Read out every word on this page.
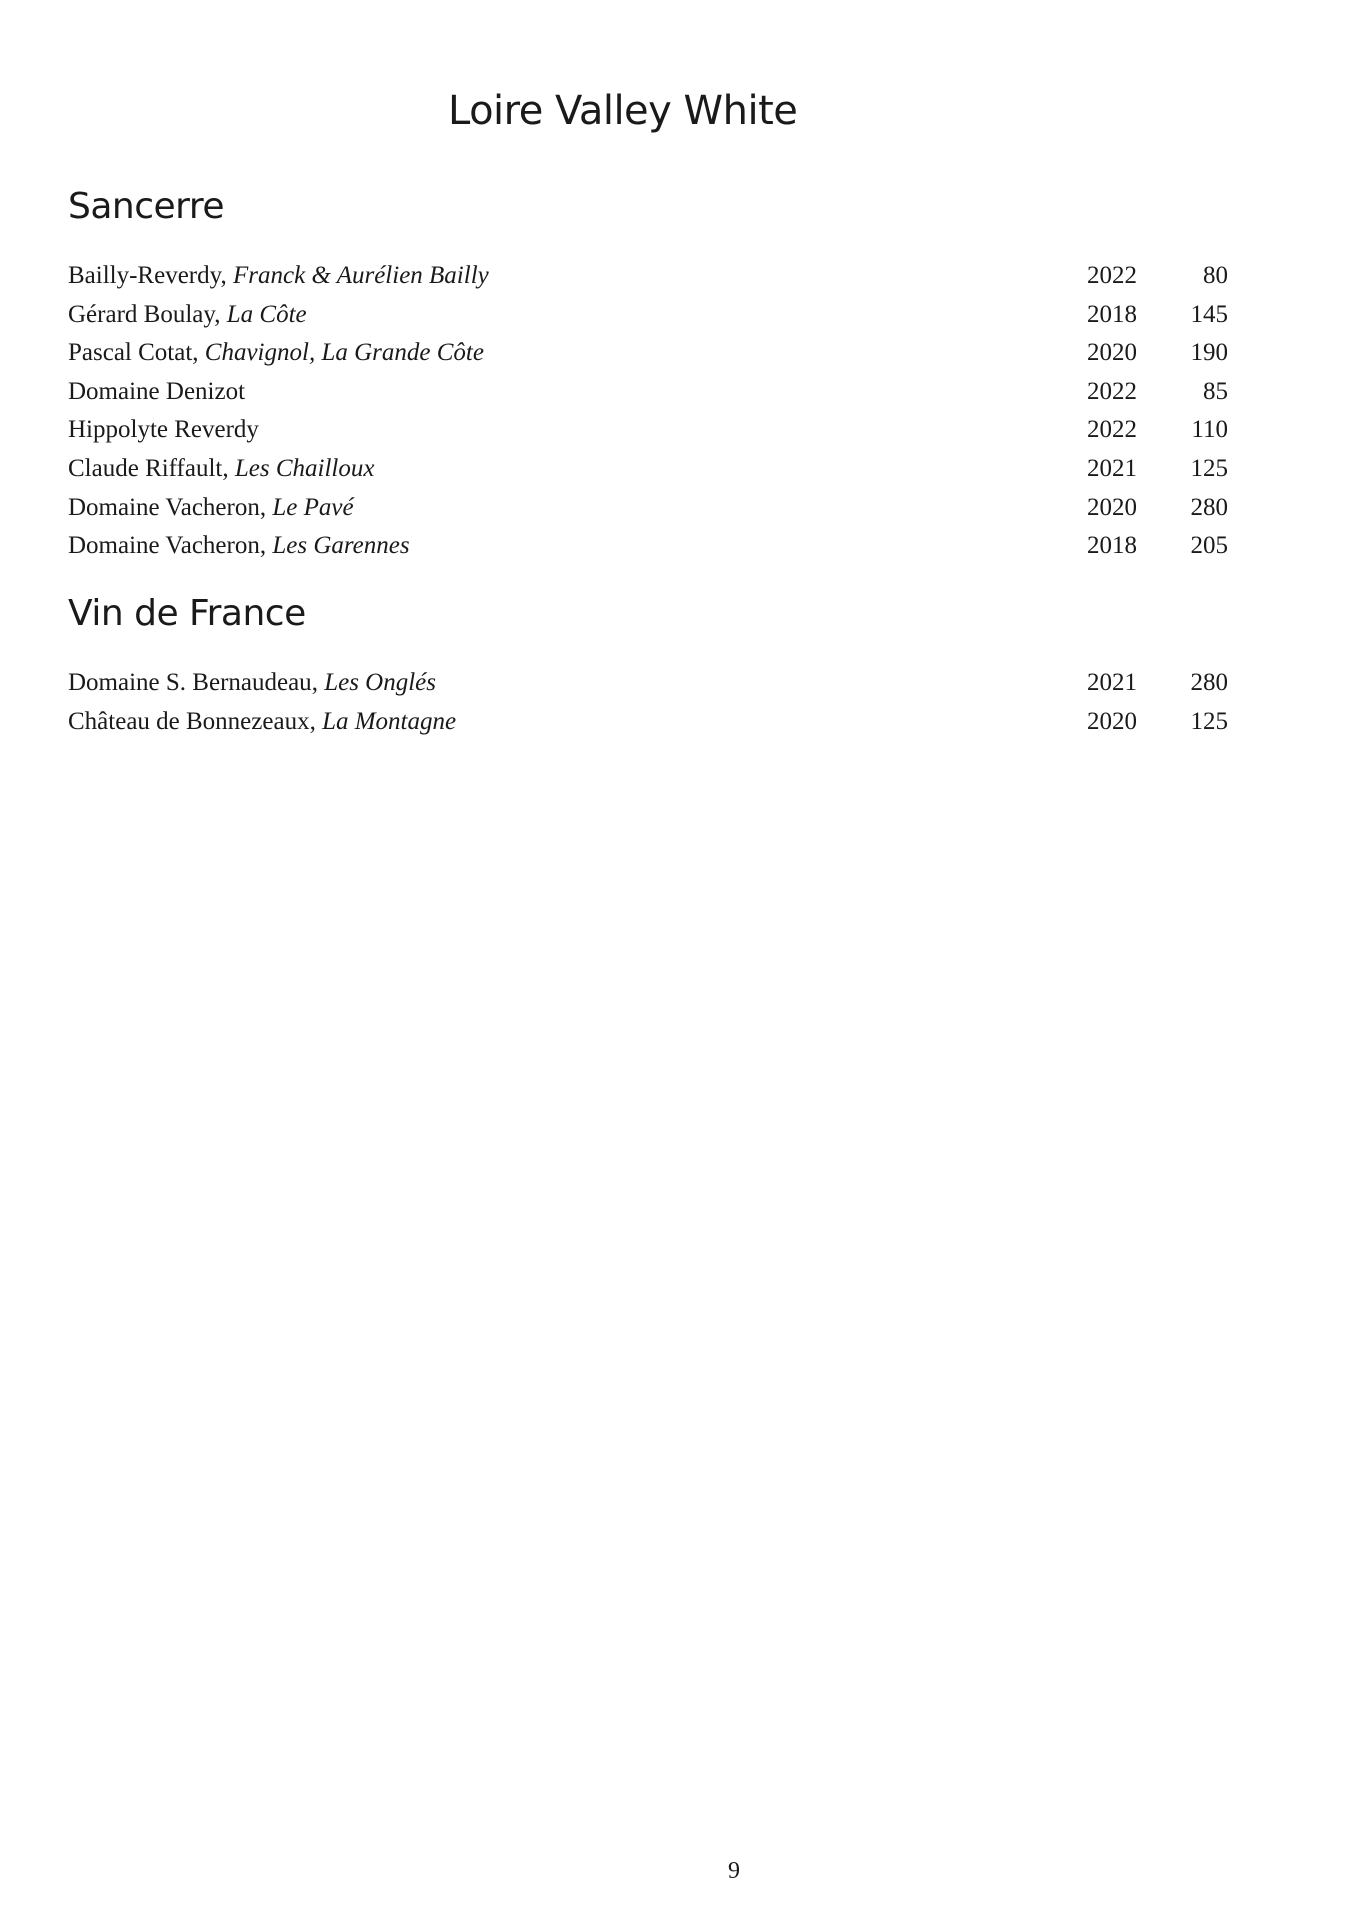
Loire Valley White
Sancerre
Bailly-Reverdy, Franck & Aurélien Bailly	2022	80
Gérard Boulay, La Côte	2018	145
Pascal Cotat, Chavignol, La Grande Côte	2020	190
Domaine Denizot	2022	85
Hippolyte Reverdy	2022	110
Claude Riffault, Les Chailloux	2021	125
Domaine Vacheron, Le Pavé	2020	280
Domaine Vacheron, Les Garennes	2018	205
Vin de France
Domaine S. Bernaudeau, Les Onglés	2021	280
Château de Bonnezeaux, La Montagne	2020	125
9
